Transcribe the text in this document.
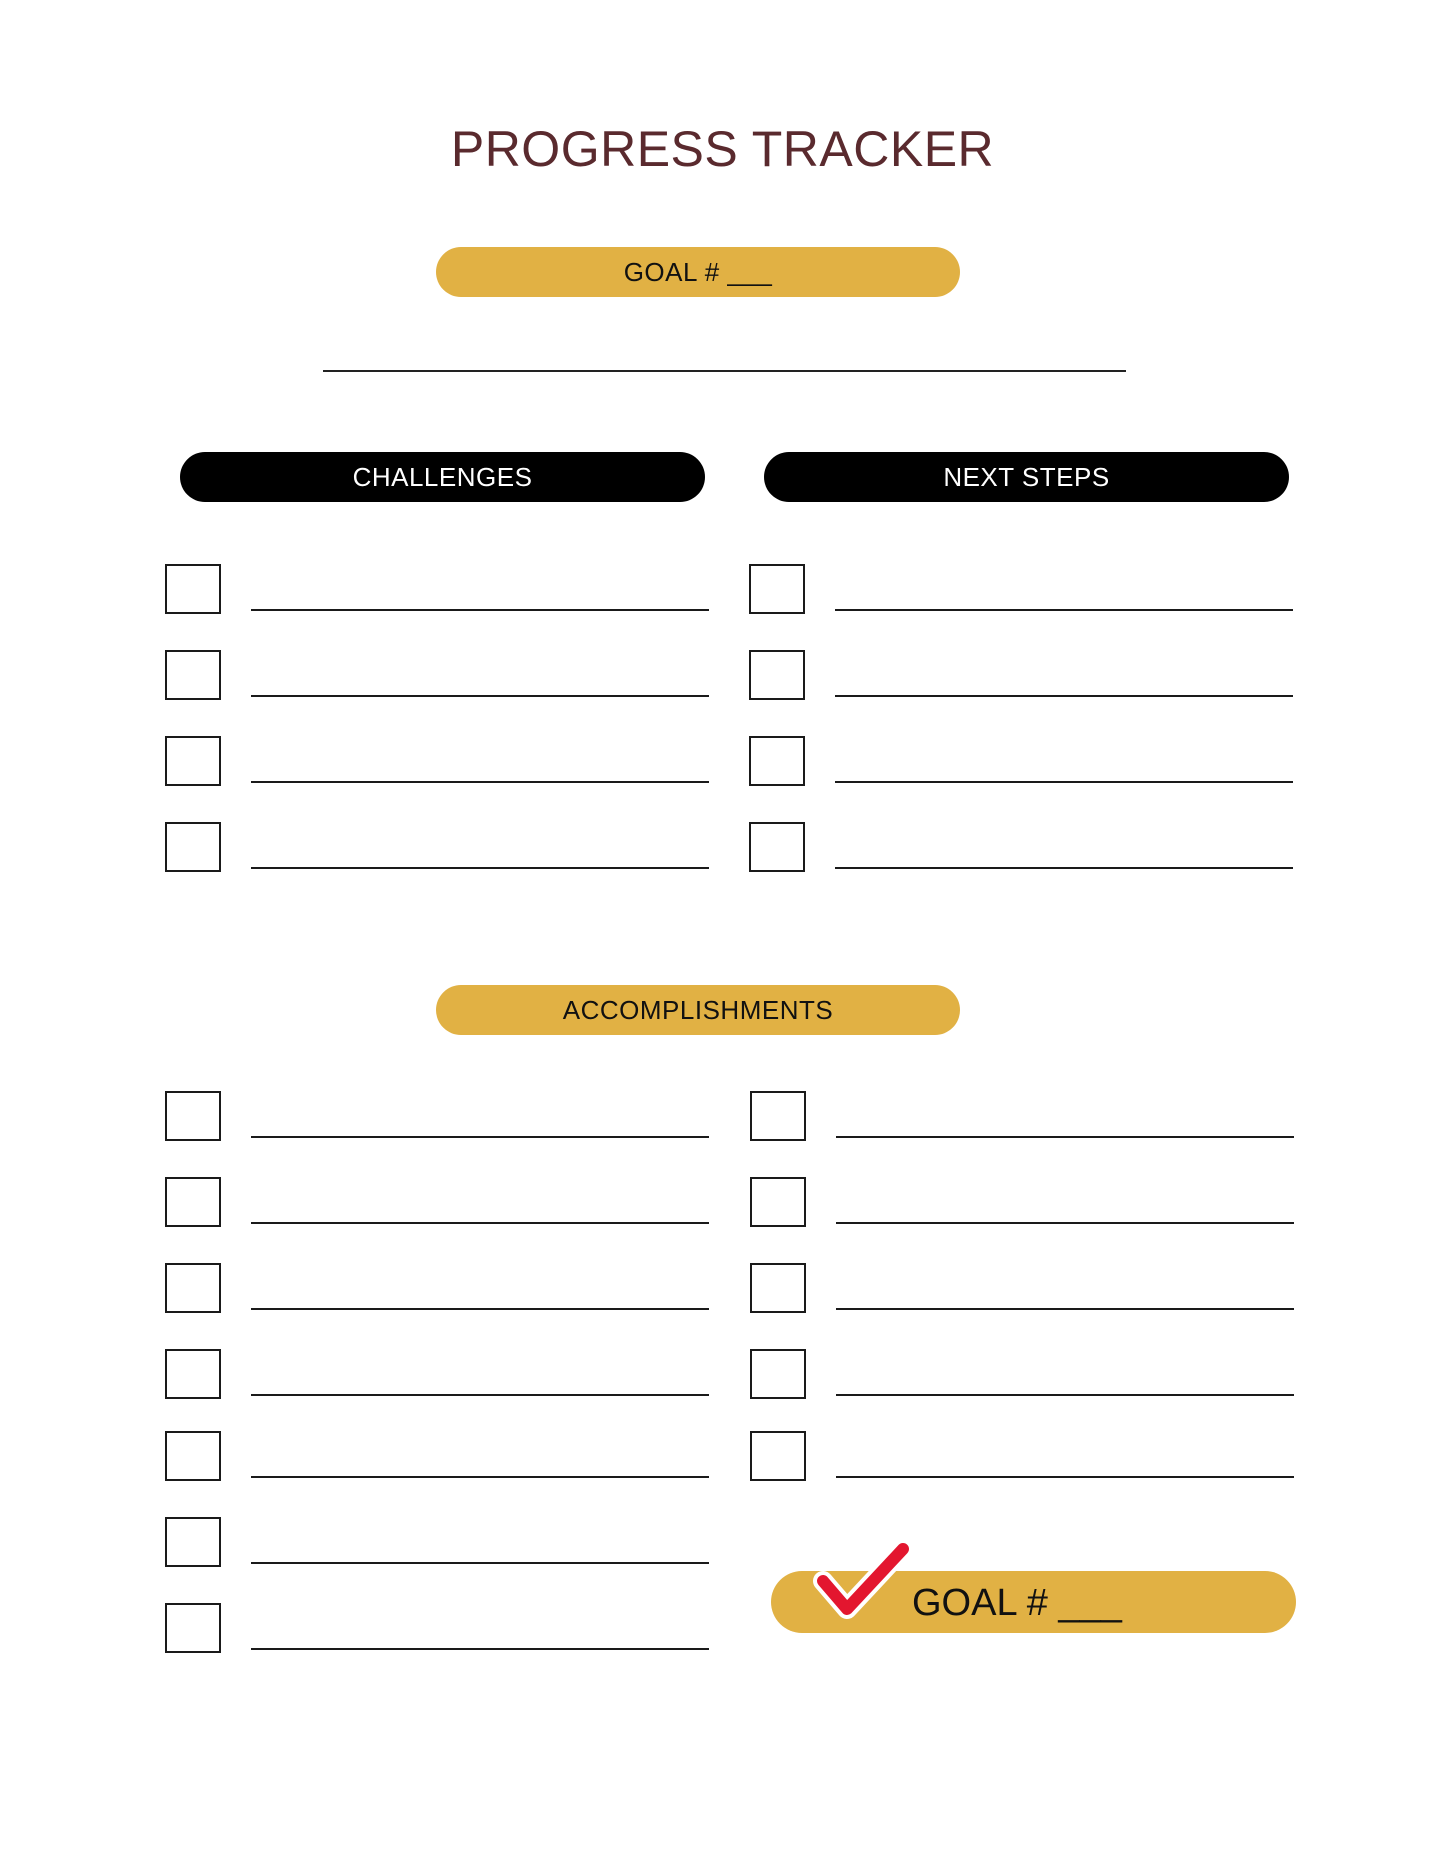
PROGRESS TRACKER
GOAL # ___
CHALLENGES	NEXT STEPS
ACCOMPLISHMENTS
GOAL # ___
